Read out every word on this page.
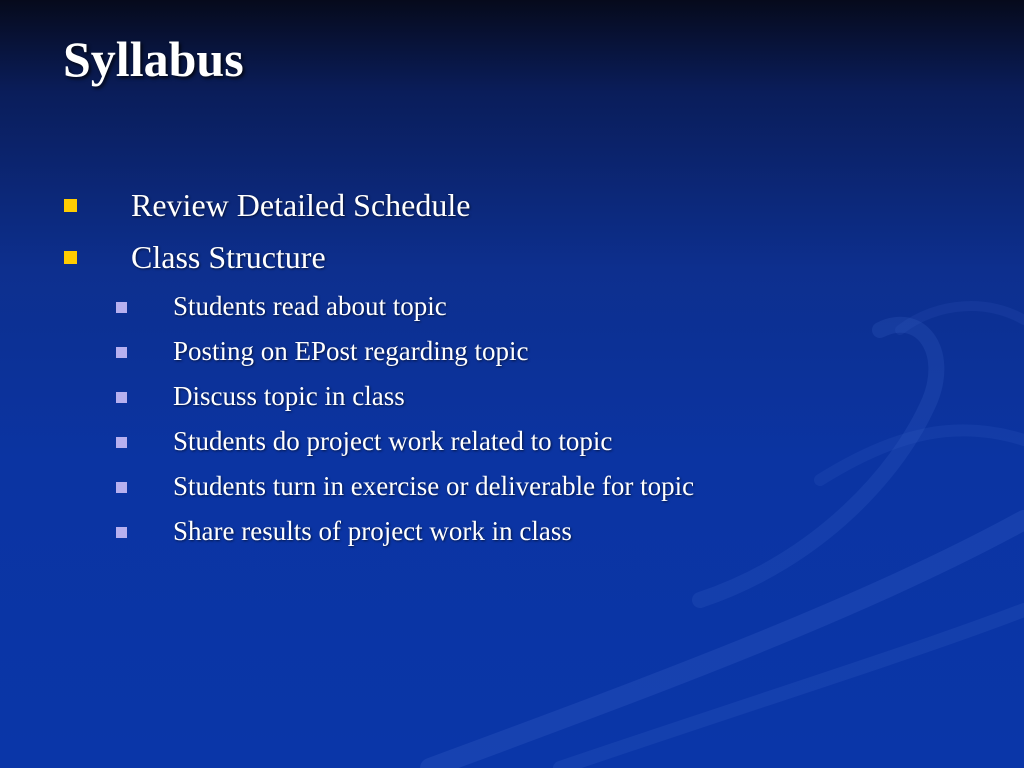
Syllabus
Review Detailed Schedule
Class Structure
Students read about topic
Posting on EPost regarding topic
Discuss topic in class
Students do project work related to topic
Students turn in exercise or deliverable for topic
Share results of project work in class
